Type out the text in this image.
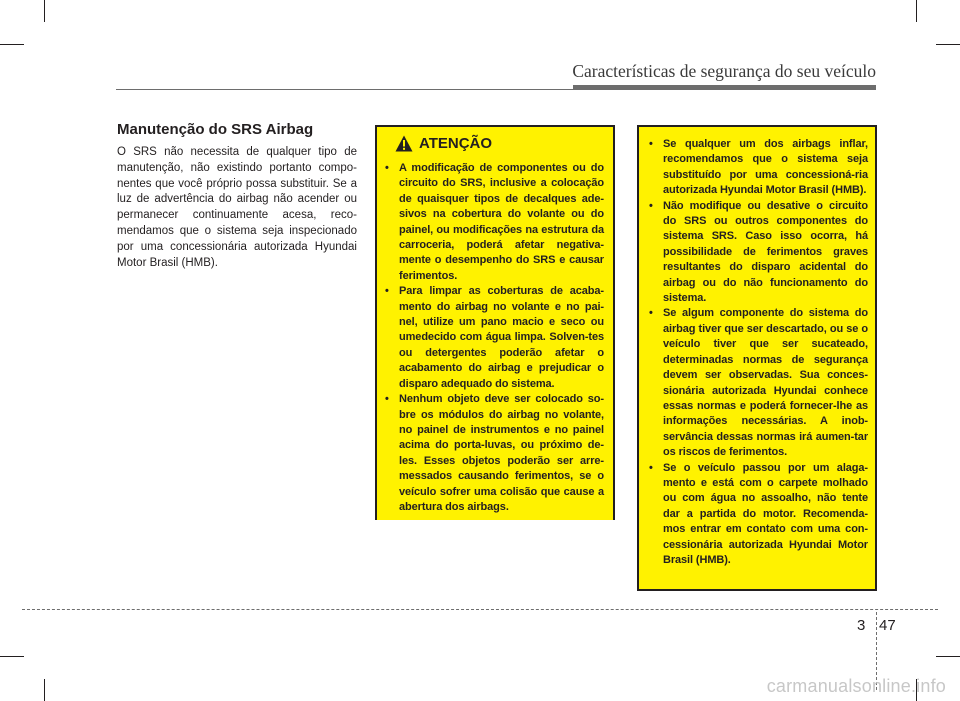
Características de segurança do seu veículo
Manutenção do SRS Airbag
O SRS não necessita de qualquer tipo de manutenção, não existindo portanto compo-nentes que você próprio possa substituir. Se a luz de advertência do airbag não acender ou permanecer continuamente acesa, reco-mendamos que o sistema seja inspecionado por uma concessionária autorizada Hyundai Motor Brasil (HMB).
ATENÇÃO
• A modificação de componentes ou do circuito do SRS, inclusive a colocação de quaisquer tipos de decalques ade-sivos na cobertura do volante ou do painel, ou modificações na estrutura da carroceria, poderá afetar negativa-mente o desempenho do SRS e causar ferimentos.
• Para limpar as coberturas de acaba-mento do airbag no volante e no pai-nel, utilize um pano macio e seco ou umedecido com água limpa. Solven-tes ou detergentes poderão afetar o acabamento do airbag e prejudicar o disparo adequado do sistema.
• Nenhum objeto deve ser colocado so-bre os módulos do airbag no volante, no painel de instrumentos e no painel acima do porta-luvas, ou próximo de-les. Esses objetos poderão ser arre-messados causando ferimentos, se o veículo sofrer uma colisão que cause a abertura dos airbags.
• Se qualquer um dos airbags inflar, recomendamos que o sistema seja substituído por uma concessioná-ria autorizada Hyundai Motor Brasil (HMB).
• Não modifique ou desative o circuito do SRS ou outros componentes do sistema SRS. Caso isso ocorra, há possibilidade de ferimentos graves resultantes do disparo acidental do airbag ou do não funcionamento do sistema.
• Se algum componente do sistema do airbag tiver que ser descartado, ou se o veículo tiver que ser sucateado, determinadas normas de segurança devem ser observadas. Sua conces-sionária autorizada Hyundai conhece essas normas e poderá fornecer-lhe as informações necessárias. A inob-servância dessas normas irá aumen-tar os riscos de ferimentos.
• Se o veículo passou por um alaga-mento e está com o carpete molhado ou com água no assoalho, não tente dar a partida do motor. Recomenda-mos entrar em contato com uma con-cessionária autorizada Hyundai Motor Brasil (HMB).
3 47
carmanualsonline.info
